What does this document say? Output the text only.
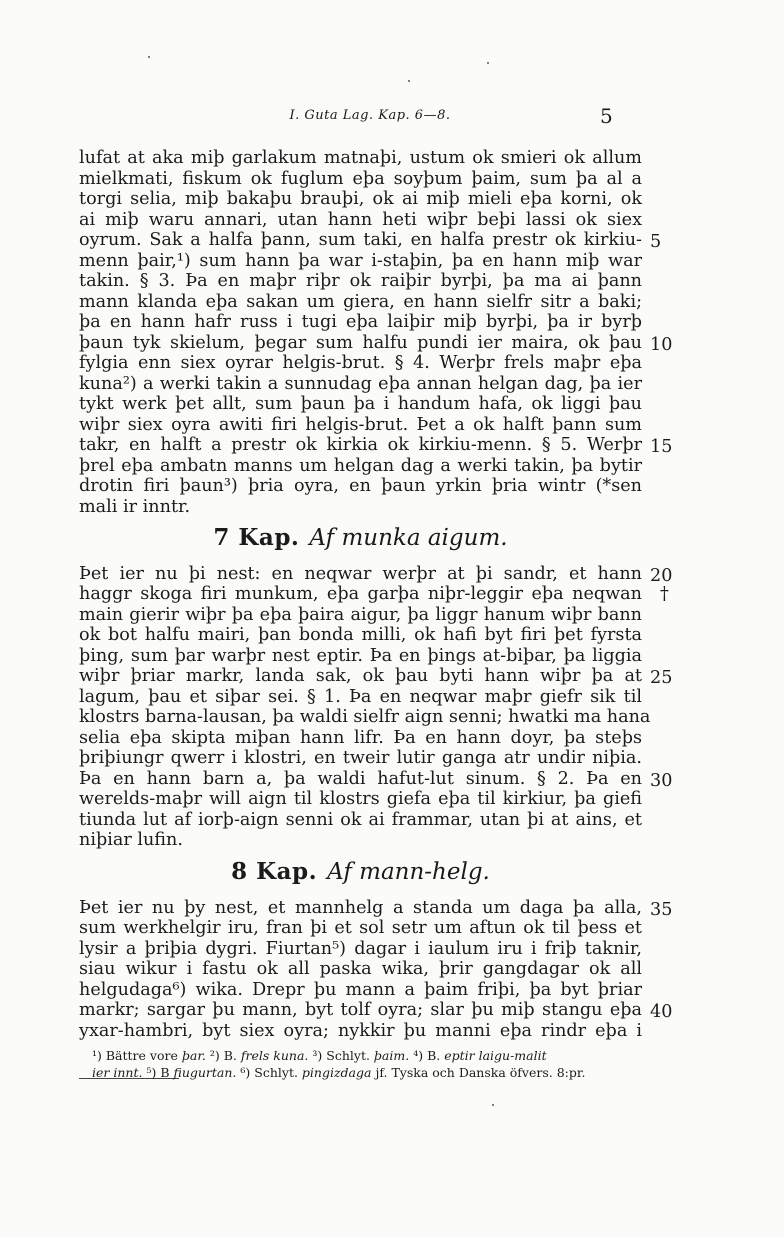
I. Guta Lag. Kap. 6—8.	5
lufat at aka miþ garlakum matnaþi, ustum ok smieri ok allum
mielkmati, fiskum ok fuglum eþa soyþum þaim, sum þa al a
torgi selia, miþ bakaþu brauþi, ok ai miþ mieli eþa korni, ok
ai miþ waru annari, utan hann heti wiþr beþi lassi ok siex
oyrum. Sak a halfa þann, sum taki, en halfa prestr ok kirkiu-
menn þair,¹) sum hann þa war i-staþin, þa en hann miþ war
takin. § 3. Þa en maþr riþr ok raiþir byrþi, þa ma ai þann
mann klanda eþa sakan um giera, en hann sielfr sitr a baki;
þa en hann hafr russ i tugi eþa laiþir miþ byrþi, þa ir byrþ
þaun tyk skielum, þegar sum halfu pundi ier maira, ok þau
fylgia enn siex oyrar helgis-brut. § 4. Werþr frels maþr eþa
kuna²) a werki takin a sunnudag eþa annan helgan dag, þa ier
tykt werk þet allt, sum þaun þa i handum hafa, ok liggi þau
wiþr siex oyra awiti firi helgis-brut. Þet a ok halft þann sum
takr, en halft a prestr ok kirkia ok kirkiu-menn. § 5. Werþr
þrel eþa ambatn manns um helgan dag a werki takin, þa bytir
drotin firi þaun³) þria oyra, en þaun yrkin þria wintr (*sen
mali ir inntr.
7 Kap. Af munka aigum.
Þet ier nu þi nest: en neqwar werþr at þi sandr, et hann
haggr skoga firi munkum, eþa garþa niþr-leggir eþa neqwan
main gierir wiþr þa eþa þaira aigur, þa liggr hanum wiþr bann
ok bot halfu mairi, þan bonda milli, ok hafi byt firi þet fyrsta
þing, sum þar warþr nest eptir. Þa en þings at-biþar, þa liggia
wiþr þriar markr, landa sak, ok þau byti hann wiþr þa at
lagum, þau et siþar sei. § 1. Þa en neqwar maþr giefr sik til
klostrs barna-lausan, þa waldi sielfr aign senni; hwatki ma hana
selia eþa skipta miþan hann lifr. Þa en hann doyr, þa steþs
þriþiungr qwerr i klostri, en tweir lutir ganga atr undir niþia.
Þa en hann barn a, þa waldi hafut-lut sinum. § 2. Þa en
werelds-maþr will aign til klostrs giefa eþa til kirkiur, þa giefi
tiunda lut af iorþ-aign senni ok ai frammar, utan þi at ains, et
niþiar lufin.
8 Kap. Af mann-helg.
Þet ier nu þy nest, et mannhelg a standa um daga þa alla,
sum werkhelgir iru, fran þi et sol setr um aftun ok til þess et
lysir a þriþia dygri. Fiurtan⁵) dagar i iaulum iru i friþ taknir,
siau wikur i fastu ok all paska wika, þrir gangdagar ok all
helgudaga⁶) wika. Drepr þu mann a þaim friþi, þa byt þriar
markr; sargar þu mann, byt tolf oyra; slar þu miþ stangu eþa
yxar-hambri, byt siex oyra; nykkir þu manni eþa rindr eþa i
5
10
15
20
25
30
35
40
†
¹) Bättre vore þar. ²) B. frels kuna. ³) Schlyt. þaim. ⁴) B. eptir laigu-malit
ier innt. ⁵) B fiugurtan. ⁶) Schlyt. pingizdaga jf. Tyska och Danska öfvers. 8:pr.
